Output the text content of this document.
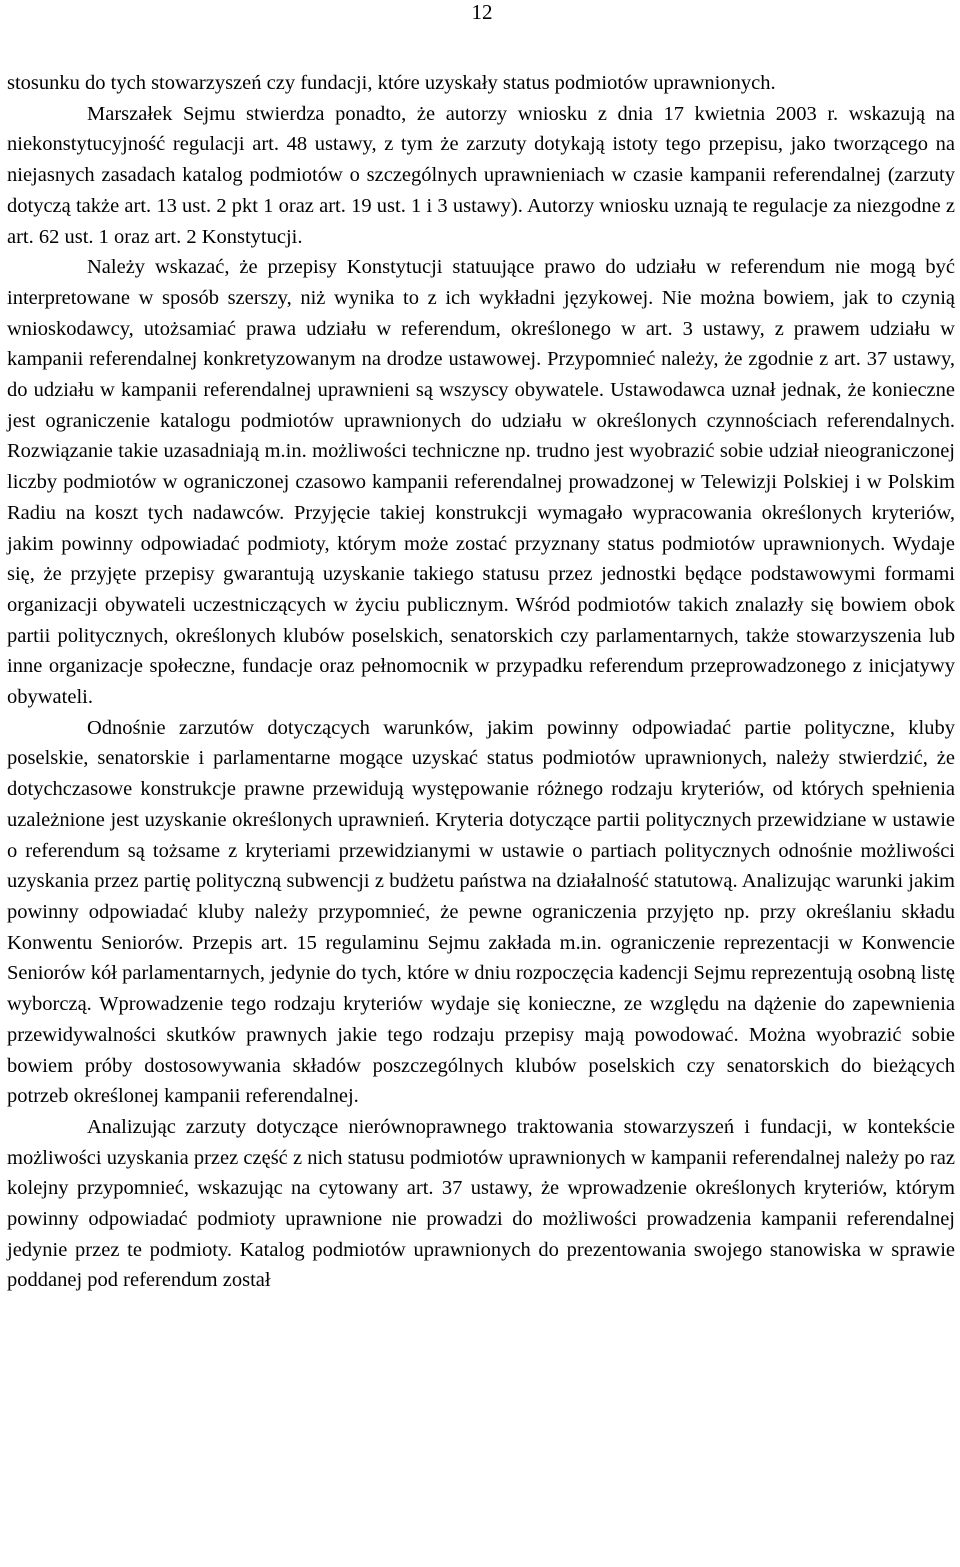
12

stosunku do tych stowarzyszeń czy fundacji, które uzyskały status podmiotów uprawnionych.

Marszałek Sejmu stwierdza ponadto, że autorzy wniosku z dnia 17 kwietnia 2003 r. wskazują na niekonstytucyjność regulacji art. 48 ustawy, z tym że zarzuty dotykają istoty tego przepisu, jako tworzącego na niejasnych zasadach katalog podmiotów o szczególnych uprawnieniach w czasie kampanii referendalnej (zarzuty dotyczą także art. 13 ust. 2 pkt 1 oraz art. 19 ust. 1 i 3 ustawy). Autorzy wniosku uznają te regulacje za niezgodne z art. 62 ust. 1 oraz art. 2 Konstytucji.

Należy wskazać, że przepisy Konstytucji statuujące prawo do udziału w referendum nie mogą być interpretowane w sposób szerszy, niż wynika to z ich wykładni językowej. Nie można bowiem, jak to czynią wnioskodawcy, utożsamiać prawa udziału w referendum, określonego w art. 3 ustawy, z prawem udziału w kampanii referendalnej konkretyzowanym na drodze ustawowej. Przypomnieć należy, że zgodnie z art. 37 ustawy, do udziału w kampanii referendalnej uprawnieni są wszyscy obywatele. Ustawodawca uznał jednak, że konieczne jest ograniczenie katalogu podmiotów uprawnionych do udziału w określonych czynnościach referendalnych. Rozwiązanie takie uzasadniają m.in. możliwości techniczne np. trudno jest wyobrazić sobie udział nieograniczonej liczby podmiotów w ograniczonej czasowo kampanii referendalnej prowadzonej w Telewizji Polskiej i w Polskim Radiu na koszt tych nadawców. Przyjęcie takiej konstrukcji wymagało wypracowania określonych kryteriów, jakim powinny odpowiadać podmioty, którym może zostać przyznany status podmiotów uprawnionych. Wydaje się, że przyjęte przepisy gwarantują uzyskanie takiego statusu przez jednostki będące podstawowymi formami organizacji obywateli uczestniczących w życiu publicznym. Wśród podmiotów takich znalazły się bowiem obok partii politycznych, określonych klubów poselskich, senatorskich czy parlamentarnych, także stowarzyszenia lub inne organizacje społeczne, fundacje oraz pełnomocnik w przypadku referendum przeprowadzonego z inicjatywy obywateli.

Odnośnie zarzutów dotyczących warunków, jakim powinny odpowiadać partie polityczne, kluby poselskie, senatorskie i parlamentarne mogące uzyskać status podmiotów uprawnionych, należy stwierdzić, że dotychczasowe konstrukcje prawne przewidują występowanie różnego rodzaju kryteriów, od których spełnienia uzależnione jest uzyskanie określonych uprawnień. Kryteria dotyczące partii politycznych przewidziane w ustawie o referendum są tożsame z kryteriami przewidzianymi w ustawie o partiach politycznych odnośnie możliwości uzyskania przez partię polityczną subwencji z budżetu państwa na działalność statutową. Analizując warunki jakim powinny odpowiadać kluby należy przypomnieć, że pewne ograniczenia przyjęto np. przy określaniu składu Konwentu Seniorów. Przepis art. 15 regulaminu Sejmu zakłada m.in. ograniczenie reprezentacji w Konwencie Seniorów kół parlamentarnych, jedynie do tych, które w dniu rozpoczęcia kadencji Sejmu reprezentują osobną listę wyborczą. Wprowadzenie tego rodzaju kryteriów wydaje się konieczne, ze względu na dążenie do zapewnienia przewidywalności skutków prawnych jakie tego rodzaju przepisy mają powodować. Można wyobrazić sobie bowiem próby dostosowywania składów poszczególnych klubów poselskich czy senatorskich do bieżących potrzeb określonej kampanii referendalnej.

Analizując zarzuty dotyczące nierównoprawnego traktowania stowarzyszeń i fundacji, w kontekście możliwości uzyskania przez część z nich statusu podmiotów uprawnionych w kampanii referendalnej należy po raz kolejny przypomnieć, wskazując na cytowany art. 37 ustawy, że wprowadzenie określonych kryteriów, którym powinny odpowiadać podmioty uprawnione nie prowadzi do możliwości prowadzenia kampanii referendalnej jedynie przez te podmioty. Katalog podmiotów uprawnionych do prezentowania swojego stanowiska w sprawie poddanej pod referendum został
